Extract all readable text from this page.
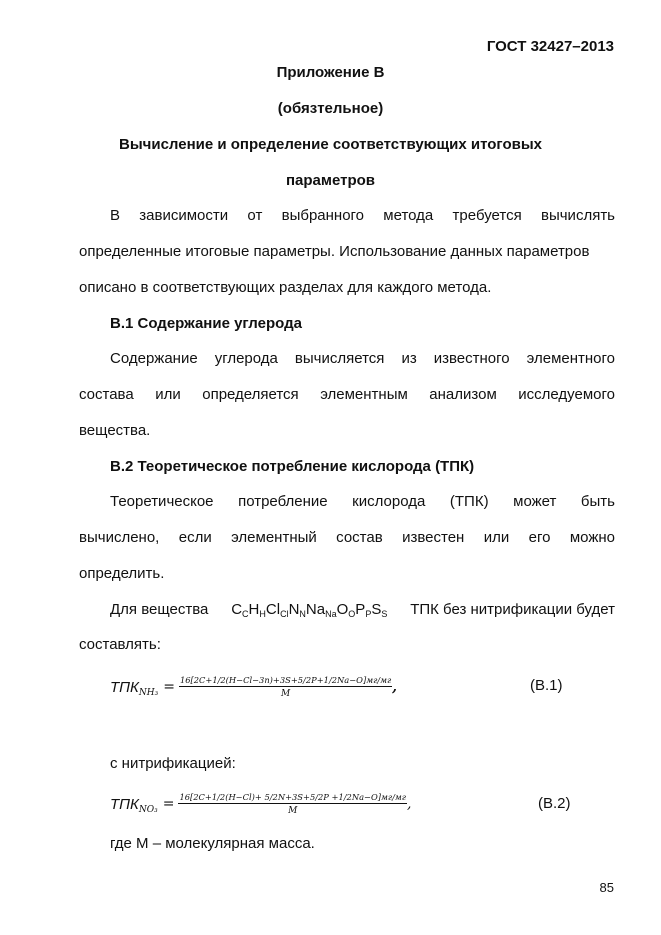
ГОСТ 32427–2013
Приложение В
(обязтельное)
Вычисление и определение соответствующих итоговых
параметров
В зависимости от выбранного метода требуется вычислять
определенные итоговые параметры. Использование данных параметров
описано в соответствующих разделах для каждого метода.
В.1 Содержание углерода
Содержание углерода вычисляется из известного элементного
состава или определяется элементным анализом исследуемого
вещества.
В.2 Теоретическое потребление кислорода (ТПК)
Теоретическое потребление кислорода (ТПК) может быть
вычислено, если элементный состав известен или его можно
определить.
Для вещества $C_CH_HCl_{Cl}N_NNa_{Na}O_OP_PS_S$ ТПК без нитрификации будет
составлять:
$ТПК_{NH_3} = \frac{16[2C+1/2(H-Cl-3n)+3S+5/2P+1/2Na-O]мг/мг}{M}$ ,	(В.1)
с нитрификацией:
$ТПК_{NO_3} = \frac{16[2C+1/2(H-Cl)+ 5/2N+3S+5/2P +1/2Na-O]мг/мг}{M}$ ,	(В.2)
где М – молекулярная масса.
85
